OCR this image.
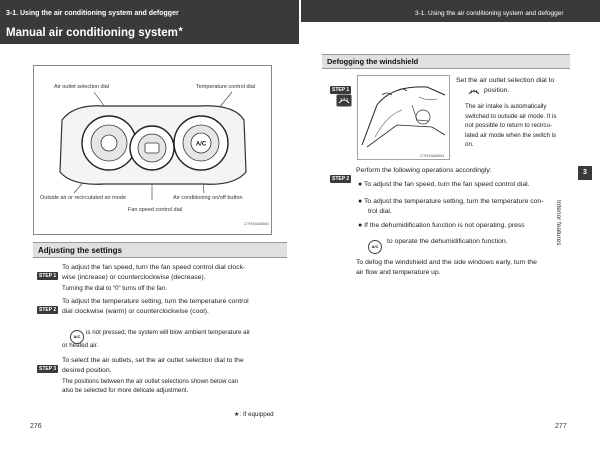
3-1. Using the air conditioning system and defogger
Manual air conditioning system★
3-1. Using the air conditioning system and defogger
Air outlet selection dial	Temperature control dial
Outside air or recirculated air mode	Air conditioning on/off button
Fan speed control dial
CTH34AB060
A/C
Adjusting the settings
STEP 1
To adjust the fan speed, turn the fan speed control dial clock-
wise (increase) or counterclockwise (decrease).
Turning the dial to “0” turns off the fan.
STEP 2
To adjust the temperature setting, turn the temperature control
dial clockwise (warm) or counterclockwise (cool).
A/C
is not pressed, the system will blow ambient temperature air
or heated air.
STEP 3
To select the air outlets, set the air outlet selection dial to the
desired position.
The positions between the air outlet selections shown below can
also be selected for more delicate adjustment.
★: If equipped
276
Defogging the windshield
STEP 1
CTH34AB061
Set the air outlet selection dial to
position.
The air intake is automatically
switched to outside air mode. It is
not possible to return to recircu-
lated air mode when the switch is
on.
STEP 2
Perform the following operations accordingly:
● To adjust the fan speed, turn the fan speed control dial.
● To adjust the temperature setting, turn the temperature con-
trol dial.
● If the dehumidification function is not operating, press
A/C
to operate the dehumidification function.
To defog the windshield and the side windows early, turn the
air flow and temperature up.
3
Interior features
277
